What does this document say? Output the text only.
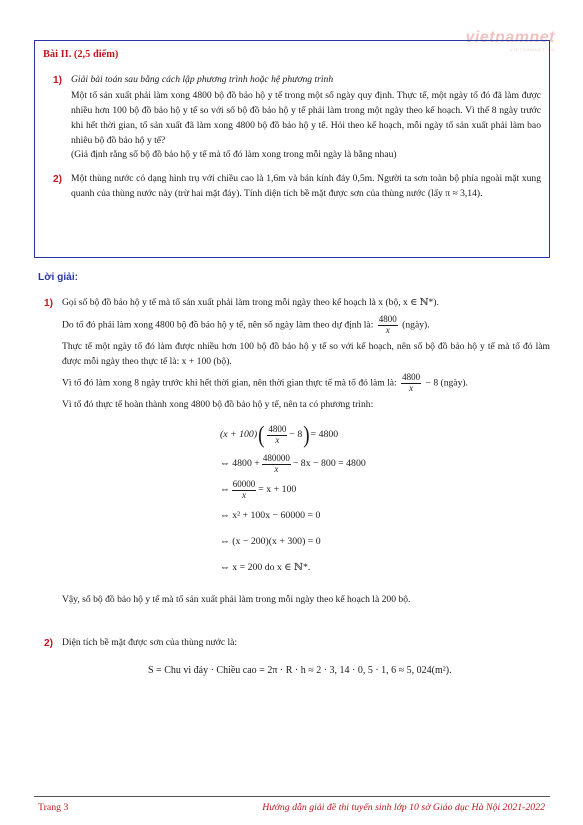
vietnamnet
VIETNAMNET.VN
Bài II. (2,5 điểm)
1) Giải bài toán sau bằng cách lập phương trình hoặc hệ phương trình
Một tổ sản xuất phải làm xong 4800 bộ đồ bảo hộ y tế trong một số ngày quy định. Thực tế, một ngày tổ đó đã làm được nhiều hơn 100 bộ đồ bảo hộ y tế so với số bộ đồ bảo hộ y tế phải làm trong một ngày theo kế hoạch. Vì thế 8 ngày trước khi hết thời gian, tổ sản xuất đã làm xong 4800 bộ đồ bảo hộ y tế. Hỏi theo kế hoạch, mỗi ngày tổ sản xuất phải làm bao nhiêu bộ đồ bảo hộ y tế?
(Giả định rằng số bộ đồ bảo hộ y tế mà tổ đó làm xong trong mỗi ngày là bằng nhau)
2) Một thùng nước có dạng hình trụ với chiều cao là 1,6m và bán kính đáy 0,5m. Người ta sơn toàn bộ phía ngoài mặt xung quanh của thùng nước này (trừ hai mặt đáy). Tính diện tích bề mặt được sơn của thùng nước (lấy π ≈ 3,14).
Lời giải:
1) Gọi số bộ đồ bảo hộ y tế mà tổ sản xuất phải làm trong mỗi ngày theo kế hoạch là x (bộ, x ∈ ℕ*).
Do tổ đó phải làm xong 4800 bộ đồ bảo hộ y tế, nên số ngày làm theo dự định là: $\frac{4800}{x}$ (ngày).
Thực tế một ngày tổ đó làm được nhiều hơn 100 bộ đồ bảo hộ y tế so với kế hoạch, nên số bộ đồ bảo hộ y tế mà tổ đó làm được mỗi ngày theo thực tế là: x + 100 (bộ).
Vì tổ đó làm xong 8 ngày trước khi hết thời gian, nên thời gian thực tế mà tổ đó làm là: $\frac{4800}{x} - 8$ (ngày).
Vì tổ đó thực tế hoàn thành xong 4800 bộ đồ bảo hộ y tế, nên ta có phương trình:
(x + 100) ( $\frac{4800}{x} - 8$ ) = 4800
⇔ $4800 + \frac{480000}{x} - 8x - 800 = 4800$
⇔ $\frac{60000}{x} = x + 100$
⇔ x² + 100x − 60000 = 0
⇔ (x − 200)(x + 300) = 0
⇔ x = 200 do x ∈ ℕ*.
Vậy, số bộ đồ bảo hộ y tế mà tổ sản xuất phải làm trong mỗi ngày theo kế hoạch là 200 bộ.
2) Diện tích bề mặt được sơn của thùng nước là:
S = Chu vi đáy · Chiều cao = 2π · R · h ≈ 2 · 3, 14 · 0, 5 · 1, 6 ≈ 5, 024(m²).
Trang 3	Hướng dẫn giải đề thi tuyển sinh lớp 10 sở Giáo dục Hà Nội 2021-2022
